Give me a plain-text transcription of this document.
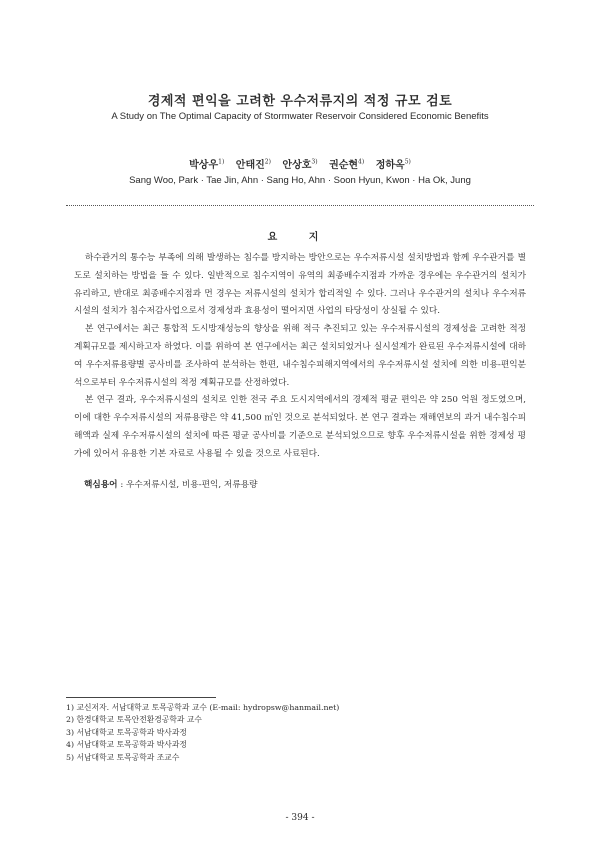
경제적 편익을 고려한 우수저류지의 적정 규모 검토
A Study on The Optimal Capacity of Stormwater Reservoir Considered Economic Benefits
박상우$^{1)}$ 안태진$^{2)}$ 안상호$^{3)}$ 권순현$^{4)}$ 정하옥$^{5)}$
Sang Woo, Park · Tae Jin, Ahn · Sang Ho, Ahn · Soon Hyun, Kwon · Ha Ok, Jung
요 지

하수관거의 통수능 부족에 의해 발생하는 침수를 방지하는 방안으로는 우수저류시설 설치방법과 함께 우수관거를 별도로 설치하는 방법을 들 수 있다. 일반적으로 침수지역이 유역의 최종배수지점과 가까운 경우에는 우수관거의 설치가 유리하고, 반대로 최종배수지점과 먼 경우는 저류시설의 설치가 합리적일 수 있다. 그러나 우수관거의 설치나 우수저류시설의 설치가 침수저감사업으로서 경제성과 효용성이 떨어지면 사업의 타당성이 상실될 수 있다.

본 연구에서는 최근 통합적 도시방재성능의 향상을 위해 적극 추진되고 있는 우수저류시설의 경제성을 고려한 적정 계획규모를 제시하고자 하였다. 이를 위하여 본 연구에서는 최근 설치되었거나 실시설계가 완료된 우수저류시설에 대하여 우수저류용량별 공사비를 조사하여 분석하는 한편, 내수침수피해지역에서의 우수저류시설 설치에 의한 비용-편익분석으로부터 우수저류시설의 적정 계획규모를 산정하였다.

본 연구 결과, 우수저류시설의 설치로 인한 전국 주요 도시지역에서의 경제적 평균 편익은 약 250 억원 정도였으며, 이에 대한 우수저류시설의 저류용량은 약 41,500 ㎥인 것으로 분석되었다. 본 연구 결과는 재해연보의 과거 내수침수피해액과 실제 우수저류시설의 설치에 따른 평균 공사비를 기준으로 분석되었으므로 향후 우수저류시설을 위한 경제성 평가에 있어서 유용한 기본 자료로 사용될 수 있을 것으로 사료된다.

핵심용어 : 우수저류시설, 비용-편익, 저류용량
1) 교신저자. 서남대학교 토목공학과 교수 (E-mail: hydropsw@hanmail.net)
2) 한경대학교 토목안전환경공학과 교수
3) 서남대학교 토목공학과 박사과정
4) 서남대학교 토목공학과 박사과정
5) 서남대학교 토목공학과 조교수
- 394 -
